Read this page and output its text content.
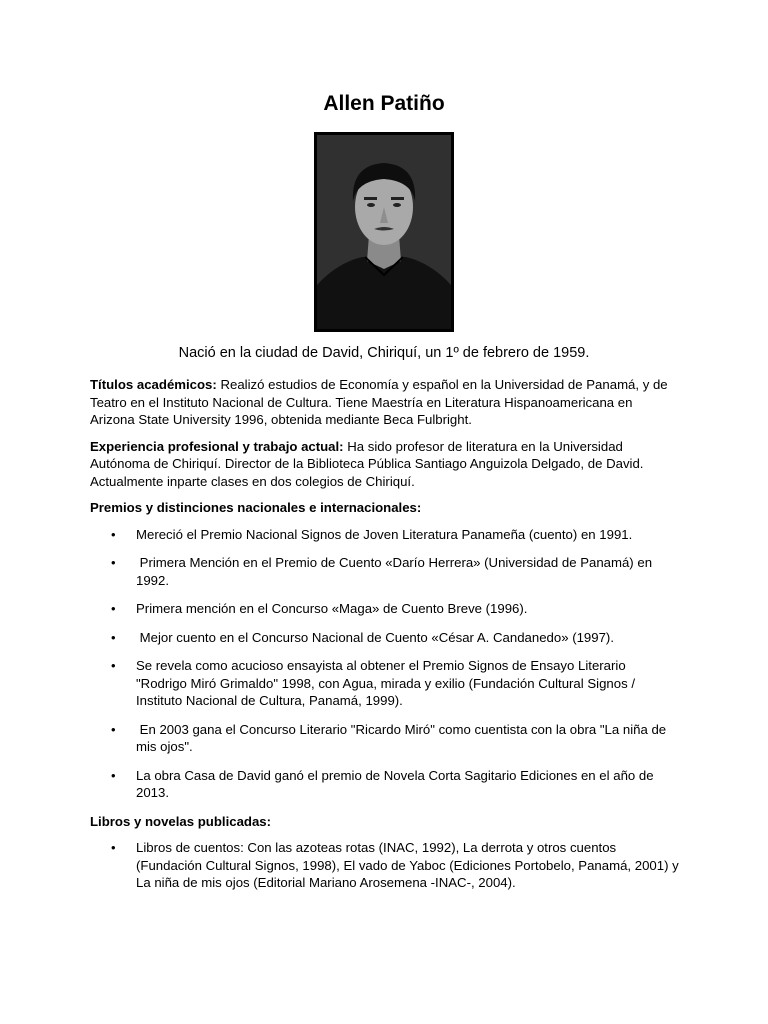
Allen Patiño
Nació en la ciudad de David, Chiriquí, un 1º de febrero de 1959.

Títulos académicos: Realizó estudios de Economía y español en la Universidad de Panamá, y de Teatro en el Instituto Nacional de Cultura. Tiene Maestría en Literatura Hispanoamericana en Arizona State University 1996, obtenida mediante Beca Fulbright.

Experiencia profesional y trabajo actual: Ha sido profesor de literatura en la Universidad Autónoma de Chiriquí. Director de la Biblioteca Pública Santiago Anguizola Delgado, de David. Actualmente inparte clases en dos colegios de Chiriquí.

Premios y distinciones nacionales e internacionales:

• Mereció el Premio Nacional Signos de Joven Literatura Panameña (cuento) en 1991.
• Primera Mención en el Premio de Cuento «Darío Herrera» (Universidad de Panamá) en 1992.
• Primera mención en el Concurso «Maga» de Cuento Breve (1996).
• Mejor cuento en el Concurso Nacional de Cuento «César A. Candanedo» (1997).
• Se revela como acucioso ensayista al obtener el Premio Signos de Ensayo Literario "Rodrigo Miró Grimaldo" 1998, con Agua, mirada y exilio (Fundación Cultural Signos / Instituto Nacional de Cultura, Panamá, 1999).
• En 2003 gana el Concurso Literario "Ricardo Miró" como cuentista con la obra "La niña de mis ojos".
• La obra Casa de David ganó el premio de Novela Corta Sagitario Ediciones en el año de 2013.

Libros y novelas publicadas:

• Libros de cuentos: Con las azoteas rotas (INAC, 1992), La derrota y otros cuentos (Fundación Cultural Signos, 1998), El vado de Yaboc (Ediciones Portobelo, Panamá, 2001) y La niña de mis ojos (Editorial Mariano Arosemena -INAC-, 2004).
